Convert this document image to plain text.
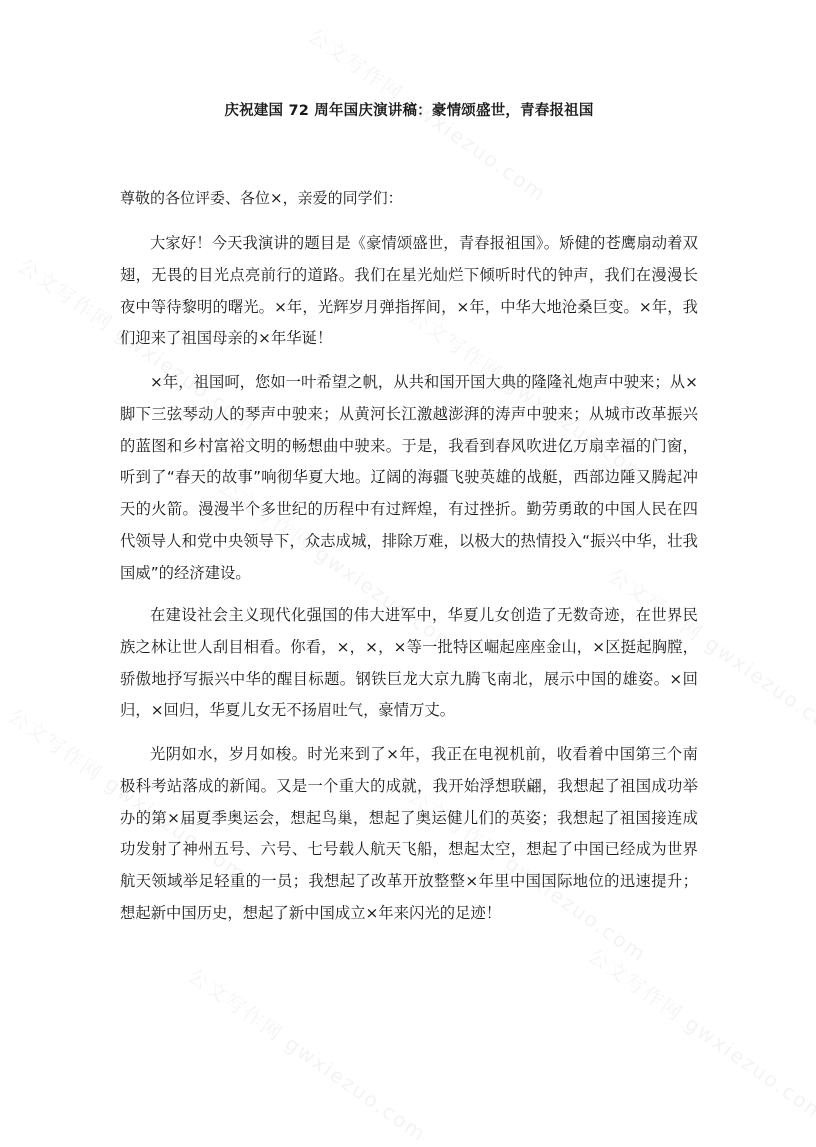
庆祝建国 72 周年国庆演讲稿：豪情颂盛世，青春报祖国

尊敬的各位评委、各位×，亲爱的同学们：

大家好！今天我演讲的题目是《豪情颂盛世，青春报祖国》。矫健的苍鹰扇动着双翅，无畏的目光点亮前行的道路。我们在星光灿烂下倾听时代的钟声，我们在漫漫长夜中等待黎明的曙光。×年，光辉岁月弹指挥间，×年，中华大地沧桑巨变。×年，我们迎来了祖国母亲的×年华诞！

×年，祖国呵，您如一叶希望之帆，从共和国开国大典的隆隆礼炮声中驶来；从×脚下三弦琴动人的琴声中驶来；从黄河长江激越澎湃的涛声中驶来；从城市改革振兴的蓝图和乡村富裕文明的畅想曲中驶来。于是，我看到春风吹进亿万扇幸福的门窗，听到了“春天的故事”响彻华夏大地。辽阔的海疆飞驶英雄的战艇，西部边陲又腾起冲天的火箭。漫漫半个多世纪的历程中有过辉煌，有过挫折。勤劳勇敢的中国人民在四代领导人和党中央领导下，众志成城，排除万难，以极大的热情投入“振兴中华，壮我国威”的经济建设。

在建设社会主义现代化强国的伟大进军中，华夏儿女创造了无数奇迹，在世界民族之林让世人刮目相看。你看，×，×，×等一批特区崛起座座金山，×区挺起胸膛，骄傲地抒写振兴中华的醒目标题。钢铁巨龙大京九腾飞南北，展示中国的雄姿。×回归，×回归，华夏儿女无不扬眉吐气，豪情万丈。

光阴如水，岁月如梭。时光来到了×年，我正在电视机前，收看着中国第三个南极科考站落成的新闻。又是一个重大的成就，我开始浮想联翩，我想起了祖国成功举办的第×届夏季奥运会，想起鸟巢，想起了奥运健儿们的英姿；我想起了祖国接连成功发射了神州五号、六号、七号载人航天飞船，想起太空，想起了中国已经成为世界航天领域举足轻重的一员；我想起了改革开放整整×年里中国国际地位的迅速提升；想起新中国历史，想起了新中国成立×年来闪光的足迹！
